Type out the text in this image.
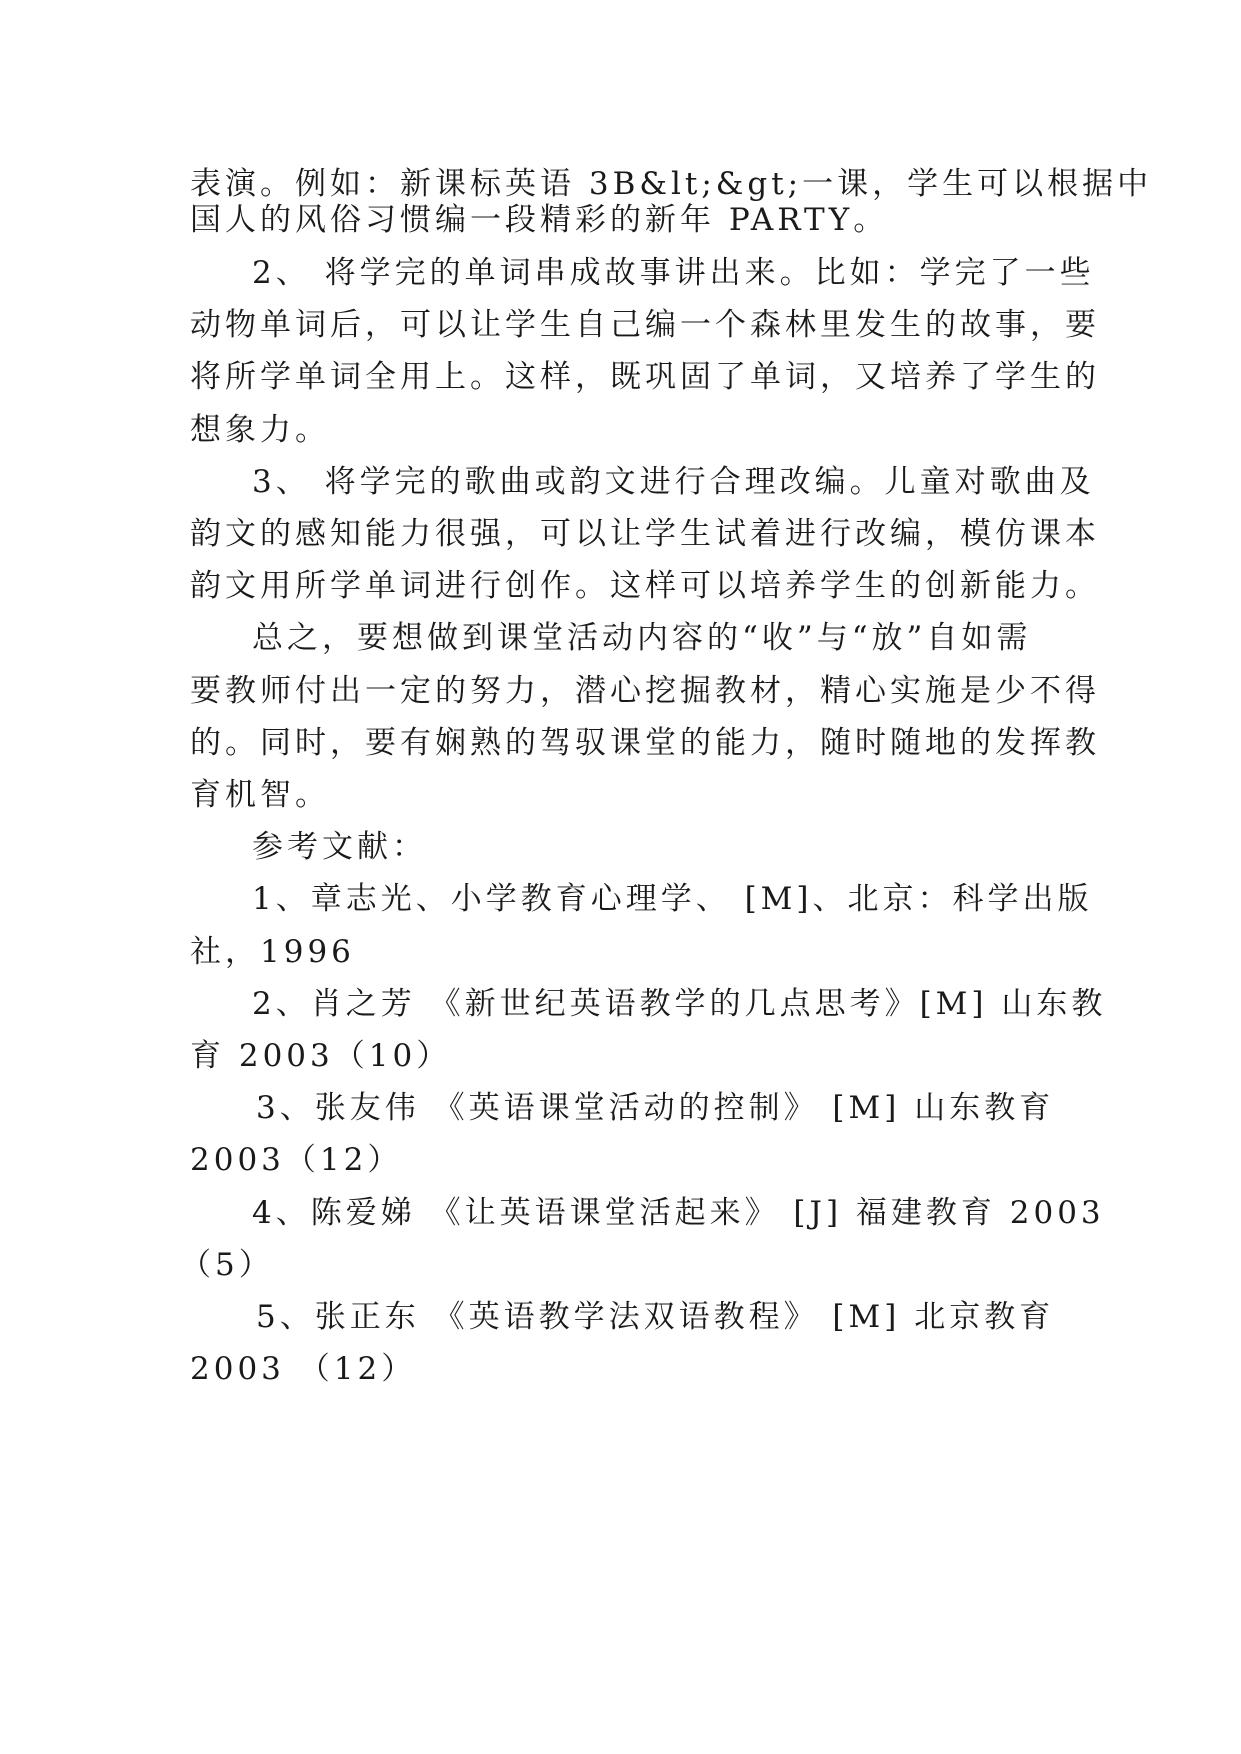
表演。例如：新课标英语 3B&lt;&gt;一课，学生可以根据中
国人的风俗习惯编一段精彩的新年 PARTY。
2、 将学完的单词串成故事讲出来。比如：学完了一些
动物单词后，可以让学生自己编一个森林里发生的故事，要
将所学单词全用上。这样，既巩固了单词，又培养了学生的
想象力。
3、 将学完的歌曲或韵文进行合理改编。儿童对歌曲及
韵文的感知能力很强，可以让学生试着进行改编，模仿课本
韵文用所学单词进行创作。这样可以培养学生的创新能力。
总之，要想做到课堂活动内容的“收”与“放”自如需
要教师付出一定的努力，潜心挖掘教材，精心实施是少不得
的。同时，要有娴熟的驾驭课堂的能力，随时随地的发挥教
育机智。
参考文献：
1、章志光、小学教育心理学、 [M]、北京：科学出版
社，1996
2、肖之芳 《新世纪英语教学的几点思考》[M] 山东教
育 2003（10）
3、张友伟 《英语课堂活动的控制》 [M] 山东教育
2003（12）
4、陈爱娣 《让英语课堂活起来》 [J] 福建教育 2003
（5）
5、张正东 《英语教学法双语教程》 [M] 北京教育
2003 （12）
